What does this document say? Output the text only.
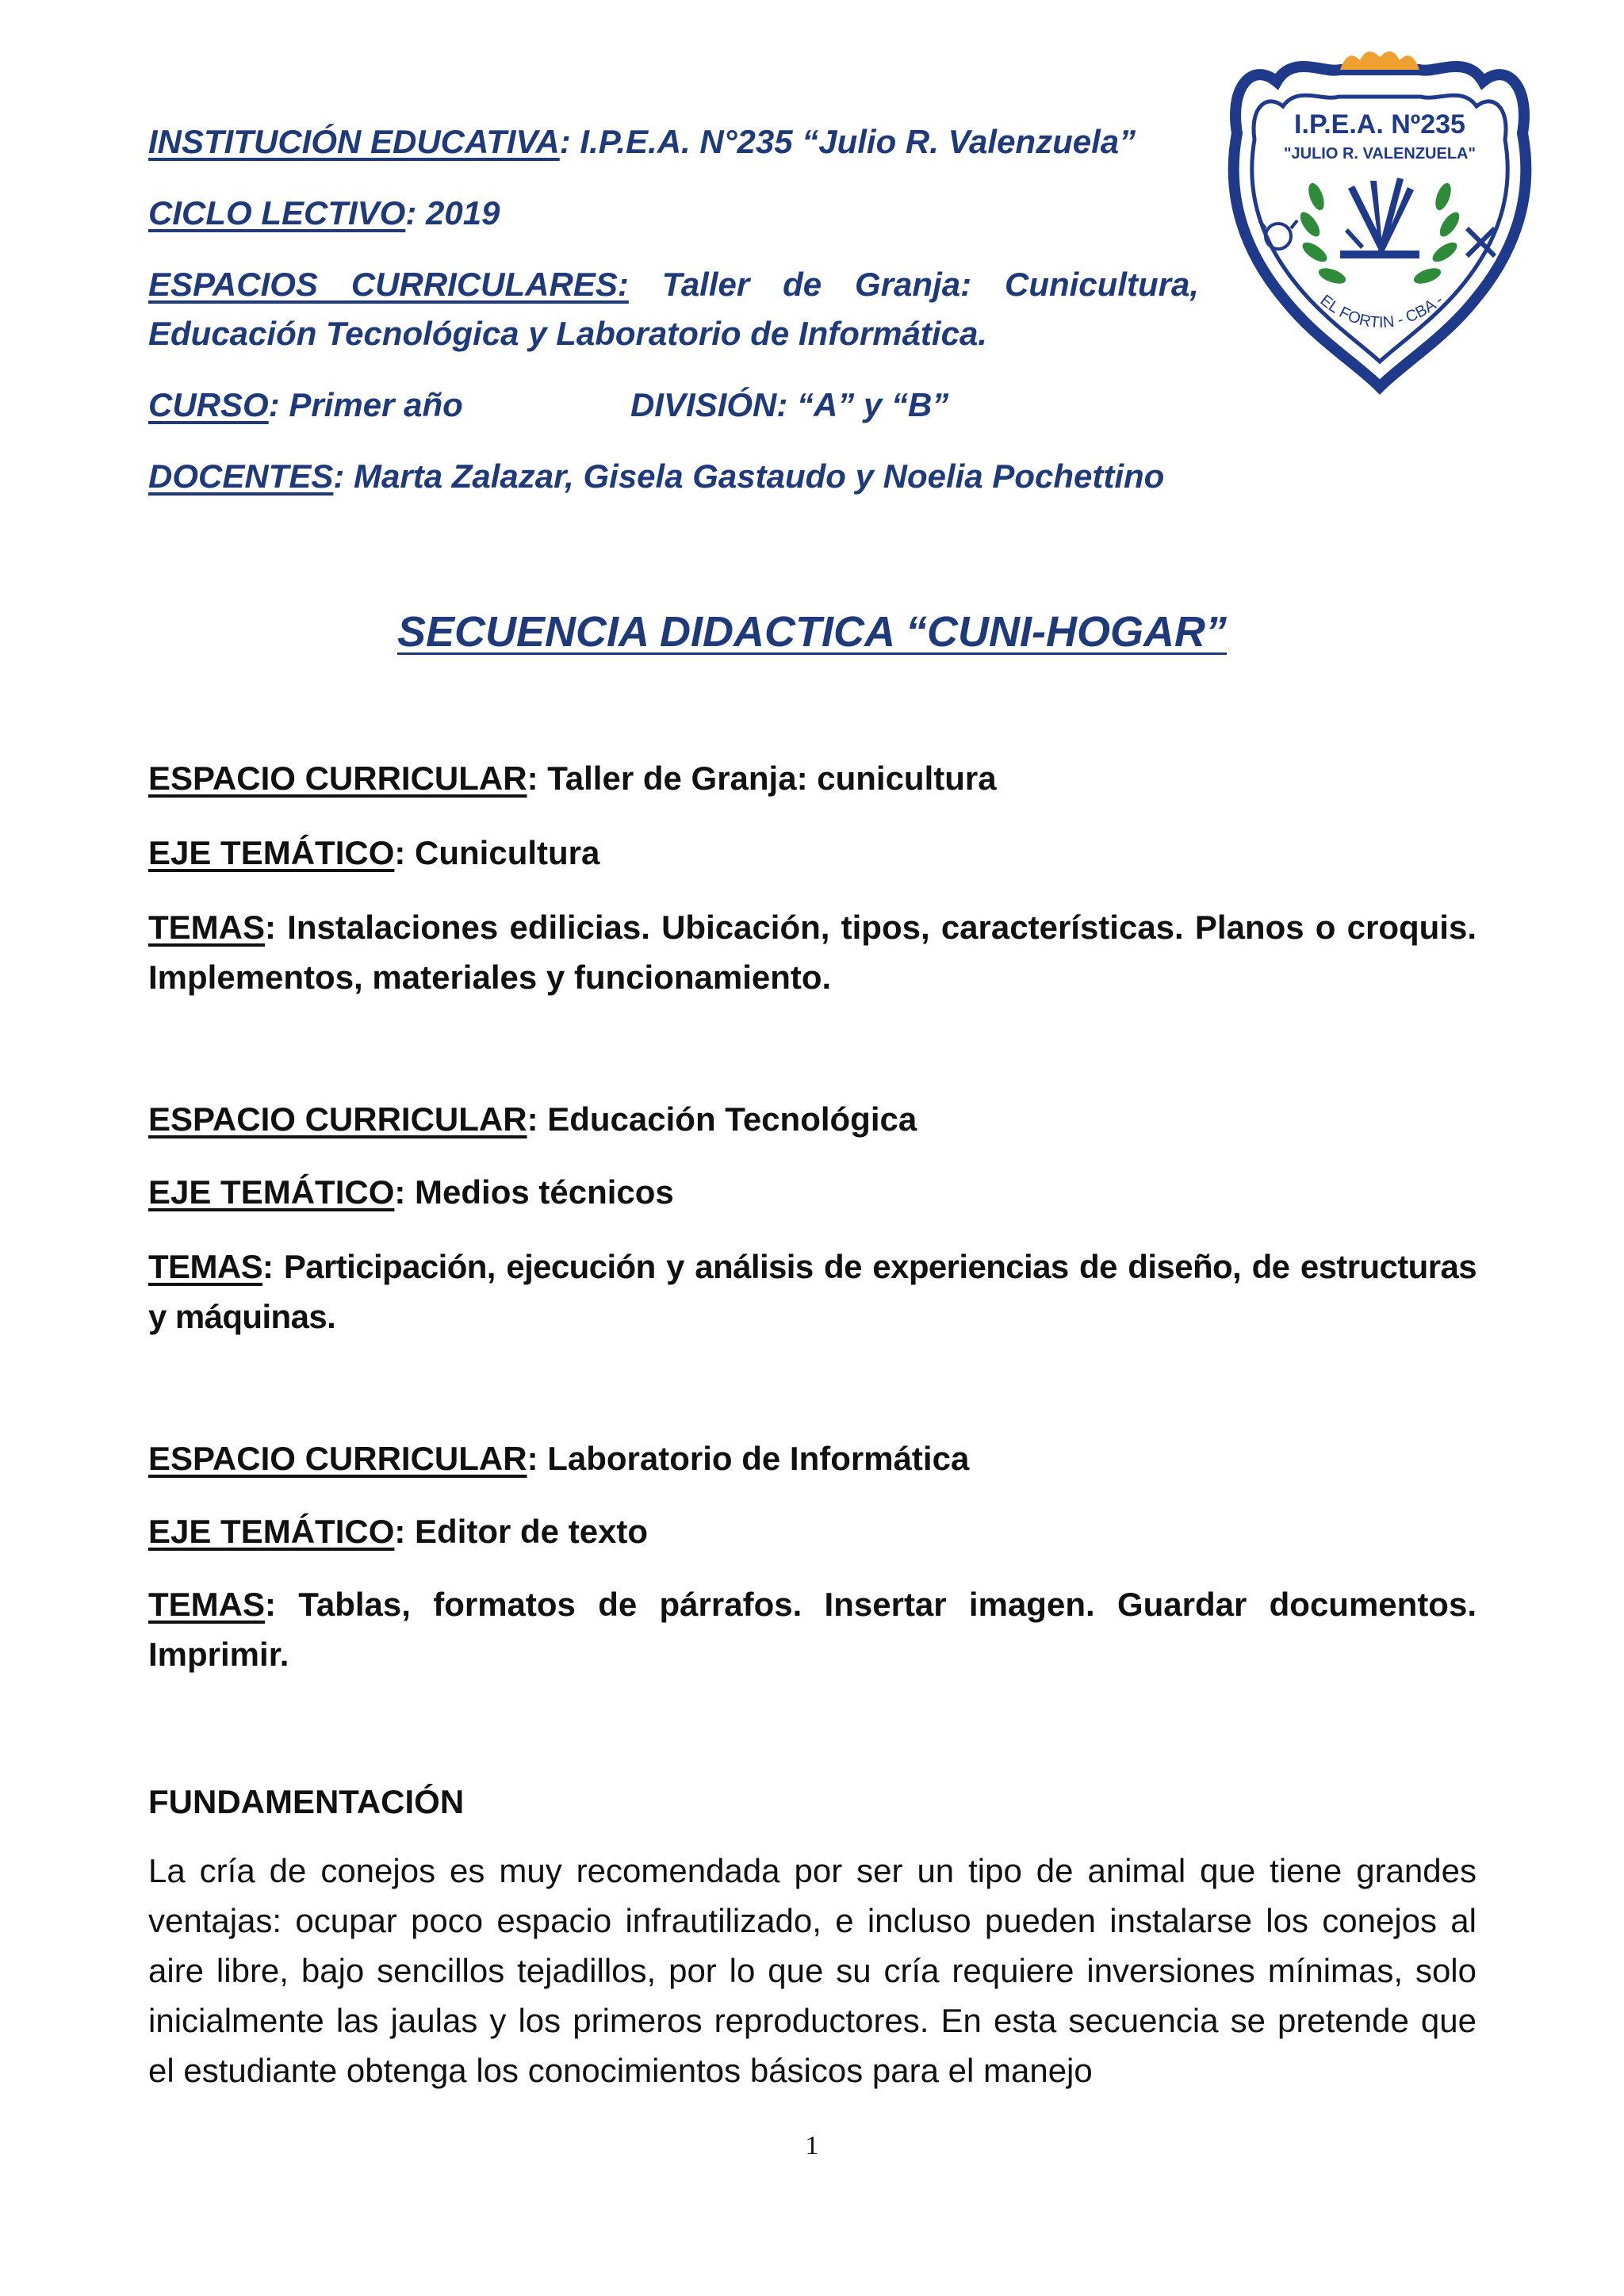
INSTITUCIÓN EDUCATIVA: I.P.E.A. N°235 “Julio R. Valenzuela”

CICLO LECTIVO: 2019

ESPACIOS CURRICULARES: Taller de Granja: Cunicultura, Educación Tecnológica y Laboratorio de Informática.

CURSO: Primer año	DIVISIÓN: “A” y “B”

DOCENTES: Marta Zalazar, Gisela Gastaudo y Noelia Pochettino

I.P.E.A. Nº235
"JULIO R. VALENZUELA"
EL FORTIN - CBA -
SECUENCIA DIDACTICA “CUNI-HOGAR”

ESPACIO CURRICULAR: Taller de Granja: cunicultura

EJE TEMÁTICO: Cunicultura

TEMAS: Instalaciones edilicias. Ubicación, tipos, características. Planos o croquis. Implementos, materiales y funcionamiento.

ESPACIO CURRICULAR: Educación Tecnológica

EJE TEMÁTICO: Medios técnicos

TEMAS: Participación, ejecución y análisis de experiencias de diseño, de estructuras y máquinas.

ESPACIO CURRICULAR: Laboratorio de Informática

EJE TEMÁTICO: Editor de texto

TEMAS: Tablas, formatos de párrafos. Insertar imagen. Guardar documentos. Imprimir.

FUNDAMENTACIÓN

La cría de conejos es muy recomendada por ser un tipo de animal que tiene grandes ventajas: ocupar poco espacio infrautilizado, e incluso pueden instalarse los conejos al aire libre, bajo sencillos tejadillos, por lo que su cría requiere inversiones mínimas, solo inicialmente las jaulas y los primeros reproductores. En esta secuencia se pretende que el estudiante obtenga los conocimientos básicos para el manejo

1
